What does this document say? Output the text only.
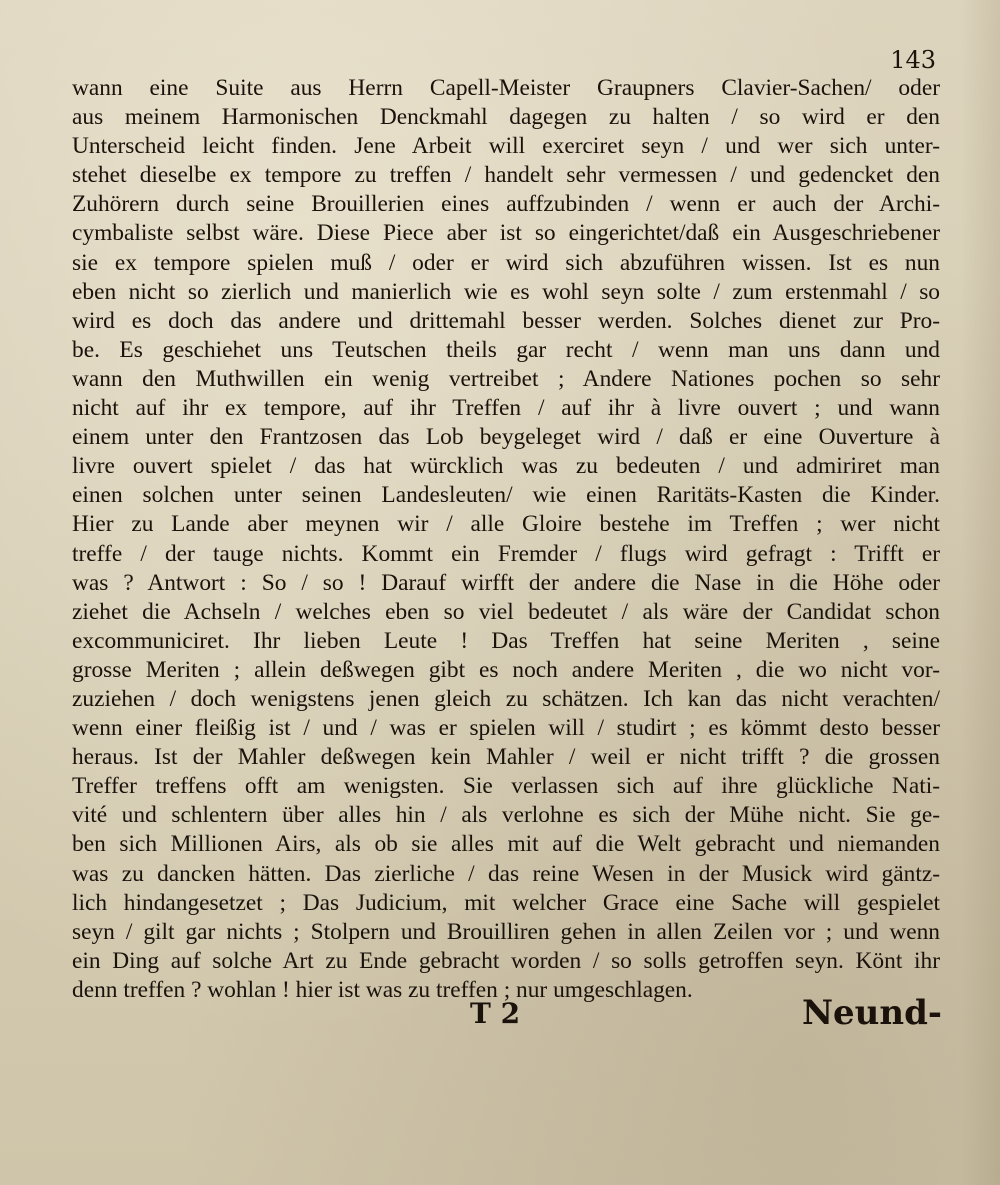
143
wann eine Suite aus Herrn Capell-Meister Graupners Clavier-Sachen/ oder
aus meinem Harmonischen Denckmahl dagegen zu halten / so wird er den
Unterscheid leicht finden. Jene Arbeit will exerciret seyn / und wer sich unter-
stehet dieselbe ex tempore zu treffen / handelt sehr vermessen / und gedencket den
Zuhörern durch seine Brouillerien eines auffzubinden / wenn er auch der Archi-
cymbaliste selbst wäre. Diese Piece aber ist so eingerichtet/daß ein Ausgeschriebener
sie ex tempore spielen muß / oder er wird sich abzuführen wissen. Ist es nun
eben nicht so zierlich und manierlich wie es wohl seyn solte / zum erstenmahl / so
wird es doch das andere und drittemahl besser werden. Solches dienet zur Pro-
be. Es geschiehet uns Teutschen theils gar recht / wenn man uns dann und
wann den Muthwillen ein wenig vertreibet ; Andere Nationes pochen so sehr
nicht auf ihr ex tempore, auf ihr Treffen / auf ihr à livre ouvert ; und wann
einem unter den Frantzosen das Lob beygeleget wird / daß er eine Ouverture à
livre ouvert spielet / das hat würcklich was zu bedeuten / und admiriret man
einen solchen unter seinen Landesleuten/ wie einen Raritäts-Kasten die Kinder.
Hier zu Lande aber meynen wir / alle Gloire bestehe im Treffen ; wer nicht
treffe / der tauge nichts. Kommt ein Fremder / flugs wird gefragt : Trifft er
was ? Antwort : So / so ! Darauf wirfft der andere die Nase in die Höhe oder
ziehet die Achseln / welches eben so viel bedeutet / als wäre der Candidat schon
excommuniciret. Ihr lieben Leute ! Das Treffen hat seine Meriten , seine
grosse Meriten ; allein deßwegen gibt es noch andere Meriten , die wo nicht vor-
zuziehen / doch wenigstens jenen gleich zu schätzen. Ich kan das nicht verachten/
wenn einer fleißig ist / und / was er spielen will / studirt ; es kömmt desto besser
heraus. Ist der Mahler deßwegen kein Mahler / weil er nicht trifft ? die grossen
Treffer treffens offt am wenigsten. Sie verlassen sich auf ihre glückliche Nati-
vité und schlentern über alles hin / als verlohne es sich der Mühe nicht. Sie ge-
ben sich Millionen Airs, als ob sie alles mit auf die Welt gebracht und niemanden
was zu dancken hätten. Das zierliche / das reine Wesen in der Musick wird gäntz-
lich hindangesetzet ; Das Judicium, mit welcher Grace eine Sache will gespielet
seyn / gilt gar nichts ; Stolpern und Brouilliren gehen in allen Zeilen vor ; und wenn
ein Ding auf solche Art zu Ende gebracht worden / so solls getroffen seyn. Könt ihr
denn treffen ? wohlan ! hier ist was zu treffen ; nur umgeschlagen.
T 2	Neund-
